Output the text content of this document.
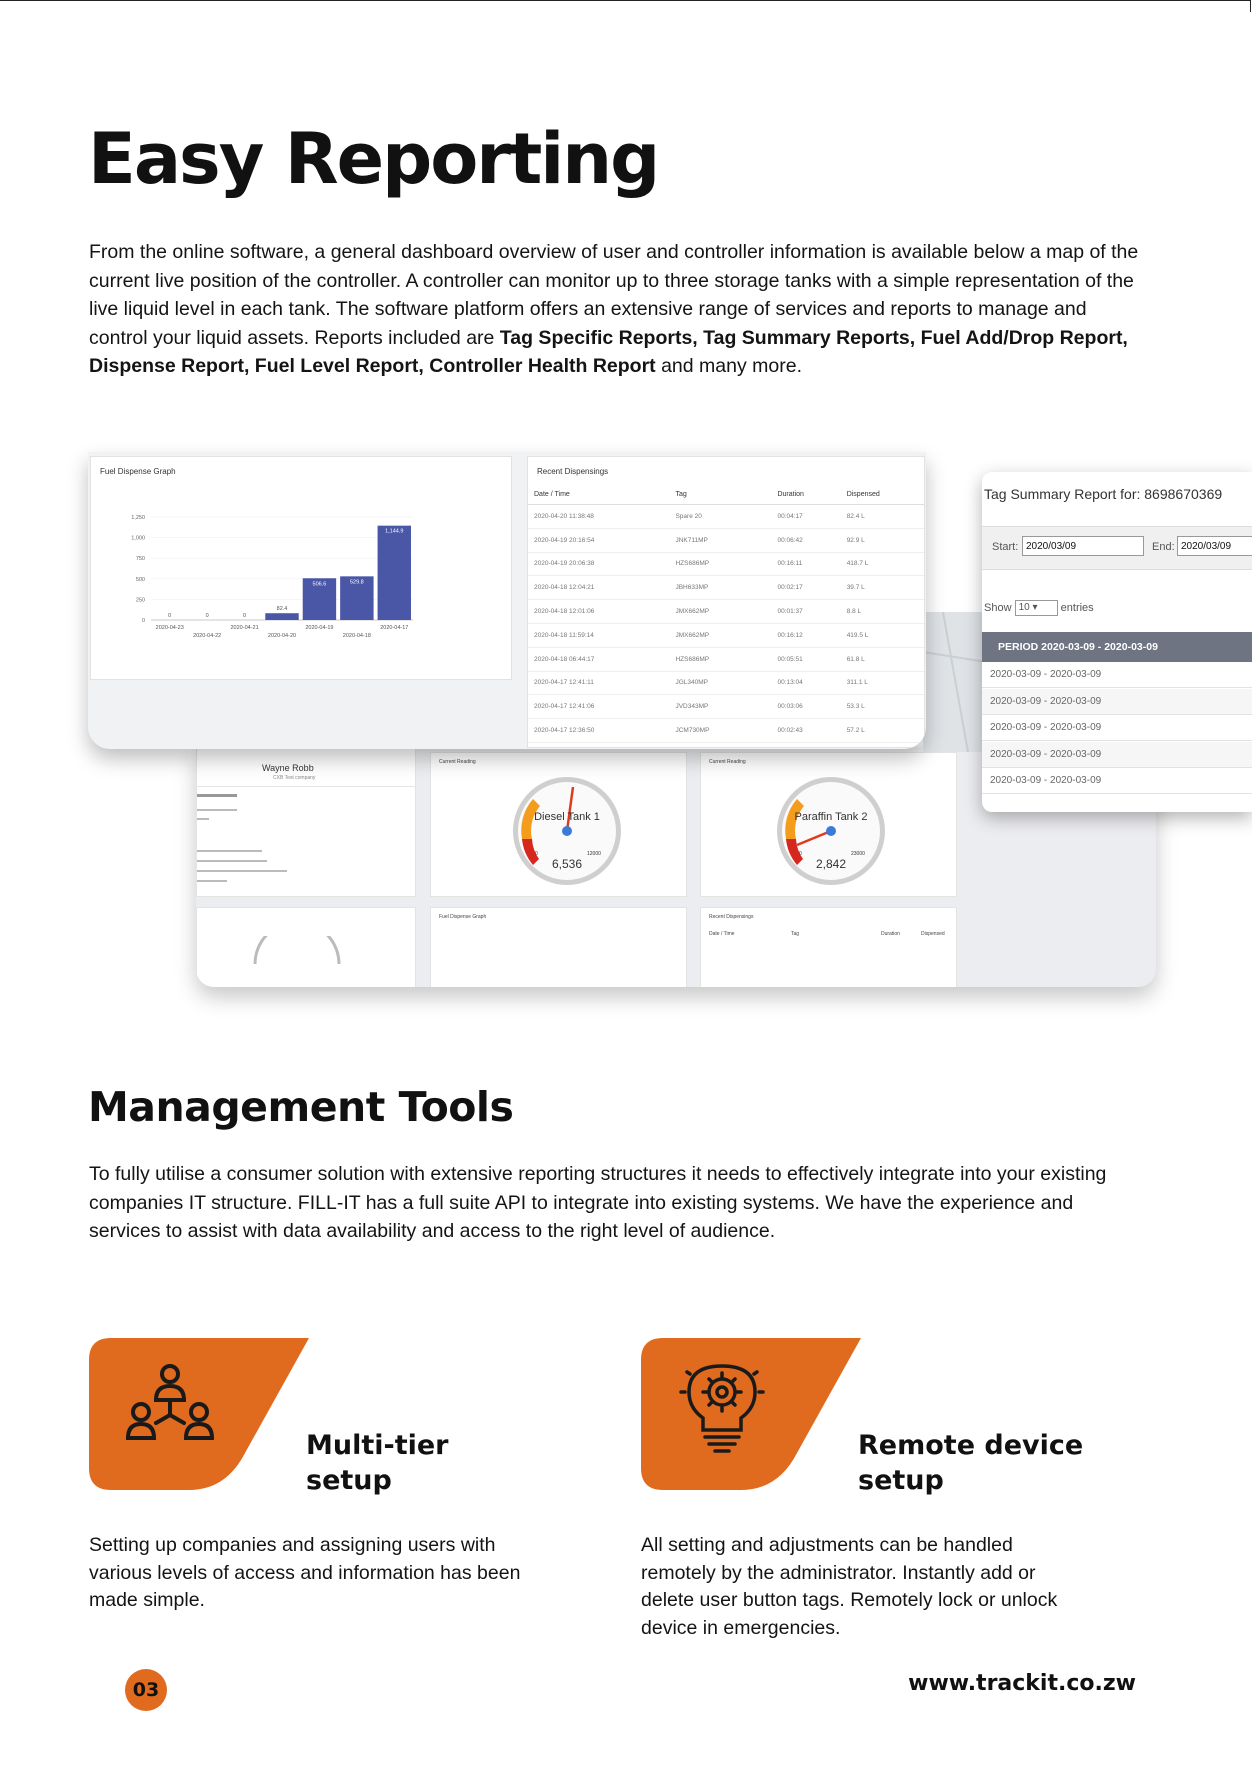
Easy Reporting

From the online software, a general dashboard overview of user and controller information is available below a map of the current live position of the controller. A controller can monitor up to three storage tanks with a simple representation of the live liquid level in each tank. The software platform offers an extensive range of services and reports to manage and control your liquid assets. Reports included are Tag Specific Reports, Tag Summary Reports, Fuel Add/Drop Report, Dispense Report, Fuel Level Report, Controller Health Report and many more.

Wayne Robb
CXB Test company
Current Reading
Diesel Tank 1
0	12000
6,536
Current Reading
Paraffin Tank 2
0	23000
2,842
Fuel Dispense Graph	Recent Dispensings
Date / Time	Tag	Duration	Dispensed
Fuel Dispense Graph
0
250
500
750
1,000
1,250
0
2020-04-23
0
2020-04-22
0
2020-04-21
82.4
2020-04-20
506.6
2020-04-19
529.8
2020-04-18
1,144.9
2020-04-17
Recent Dispensings
Date / Time	Tag	Duration	Dispensed
2020-04-20 11:38:48	Spare 20	00:04:17	82.4 L
2020-04-19 20:16:54	JNK711MP	00:06:42	92.9 L
2020-04-19 20:06:38	HZS686MP	00:16:11	418.7 L
2020-04-18 12:04:21	JBH633MP	00:02:17	39.7 L
2020-04-18 12:01:06	JMX662MP	00:01:37	8.8 L
2020-04-18 11:59:14	JMX662MP	00:16:12	419.5 L
2020-04-18 06:44:17	HZS686MP	00:05:51	61.8 L
2020-04-17 12:41:11	JGL340MP	00:13:04	311.1 L
2020-04-17 12:41:06	JVD343MP	00:03:06	53.3 L
2020-04-17 12:36:50	JCM730MP	00:02:43	57.2 L
Tag Summary Report for: 8698670369
Start: 2020/03/09	End: 2020/03/09
Show 10 ▾ entries
PERIOD 2020-03-09 - 2020-03-09
2020-03-09 - 2020-03-09
2020-03-09 - 2020-03-09
2020-03-09 - 2020-03-09
2020-03-09 - 2020-03-09
2020-03-09 - 2020-03-09
Management Tools

To fully utilise a consumer solution with extensive reporting structures it needs to effectively integrate into your existing companies IT structure. FILL-IT has a full suite API to integrate into existing systems. We have the experience and services to assist with data availability and access to the right level of audience.

Multi-tier
setup

Setting up companies and assigning users with various levels of access and information has been made simple.

Remote device
setup

All setting and adjustments can be handled remotely by the administrator. Instantly add or delete user button tags. Remotely lock or unlock device in emergencies.

03	www.trackit.co.zw
